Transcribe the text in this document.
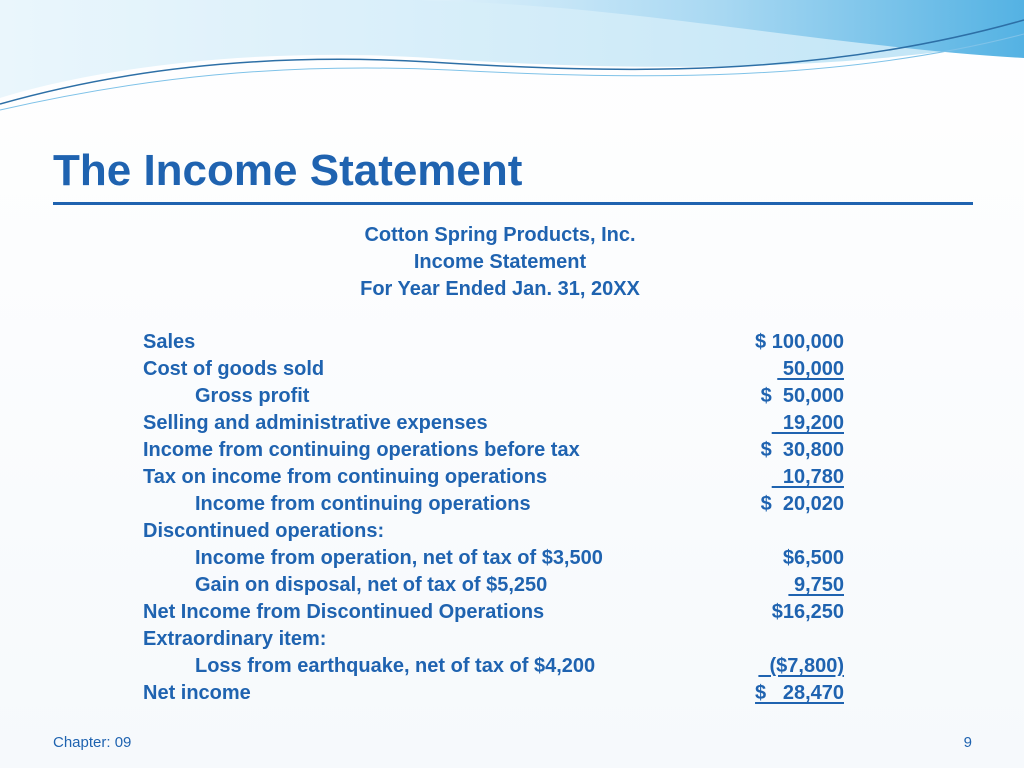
The Income Statement
Cotton Spring Products, Inc.
Income Statement
For Year Ended Jan. 31, 20XX
Sales	$ 100,000
Cost of goods sold	50,000
Gross profit	$  50,000
Selling and administrative expenses	19,200
Income from continuing operations before tax	$  30,800
Tax on income from continuing operations	10,780
Income from continuing operations	$  20,020
Discontinued operations:
Income from operation, net of tax of $3,500	$6,500
Gain on disposal, net of tax of $5,250	9,750
Net Income from Discontinued Operations	$16,250
Extraordinary item:
Loss from earthquake, net of tax of $4,200	($7,800)
Net income	$   28,470
Chapter: 09	9
